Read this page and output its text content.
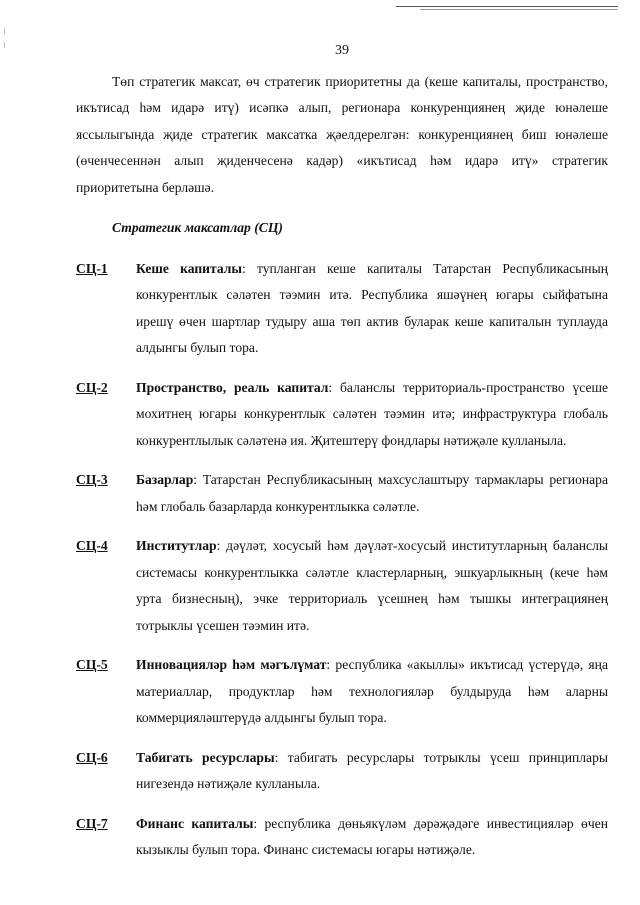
39

Төп стратегик максат, өч стратегик приоритетны да (кеше капиталы, пространство, икътисад һәм идарә итү) исәпкә алып, регионара конкуренциянең җиде юнәлеше яссылыгында җиде стратегик максатка җәелдерелгән: конкуренциянең биш юнәлеше (өченчесеннән алып җиденчесенә кадәр) «икътисад һәм идарә итү» стратегик приоритетына берләшә.

Стратегик максатлар (СЦ)
СЦ-1	Кеше капиталы: тупланган кеше капиталы Татарстан Республикасының конкурентлык сәләтен тәэмин итә. Республика яшәүнең югары сыйфатына ирешү өчен шартлар тудыру аша төп актив буларак кеше капиталын туплауда алдынгы булып тора.

СЦ-2	Пространство, реаль капитал: балансл​ы территориаль-пространство үсеше мохитнең югары конкурентлык сәләтен тәэмин итә; инфраструктура глобаль конкурентлылык сәләтенә ия. Җитештерү фондлары нәтиҗәле кулланыла.

СЦ-3	Базарлар: Татарстан Республикасының махсуслаштыру тармаклары регионара һәм глобаль базарларда конкурентлыкка сәләтле.

СЦ-4	Институтлар: дәүләт, хосусый һәм дәүләт-хосусый институтларның балансл​ы системасы конкурентлыкка сәләтле кластерларның, эшкуарлыкның (кече һәм урта бизнесның), эчке территориаль үсешнең һәм тышкы интеграциянең тотрыклы үсешен тәэмин итә.

СЦ-5	Инновацияләр һәм мәгълүмат: республика «акыллы» икътисад үстерүдә, яңа материаллар, продуктлар һәм технологияләр булдыруда һәм аларны коммерцияләштерүдә алдынгы булып тора.

СЦ-6	Табигать ресурслары: табигать ресурслары тотрыклы үсеш принциплары нигезендә нәтиҗәле кулланыла.

СЦ-7	Финанс капиталы: республика дөньякүләм дәрәҗәдәге инвестицияләр өчен кызыклы булып тора. Финанс системасы югары нәтиҗәле.
